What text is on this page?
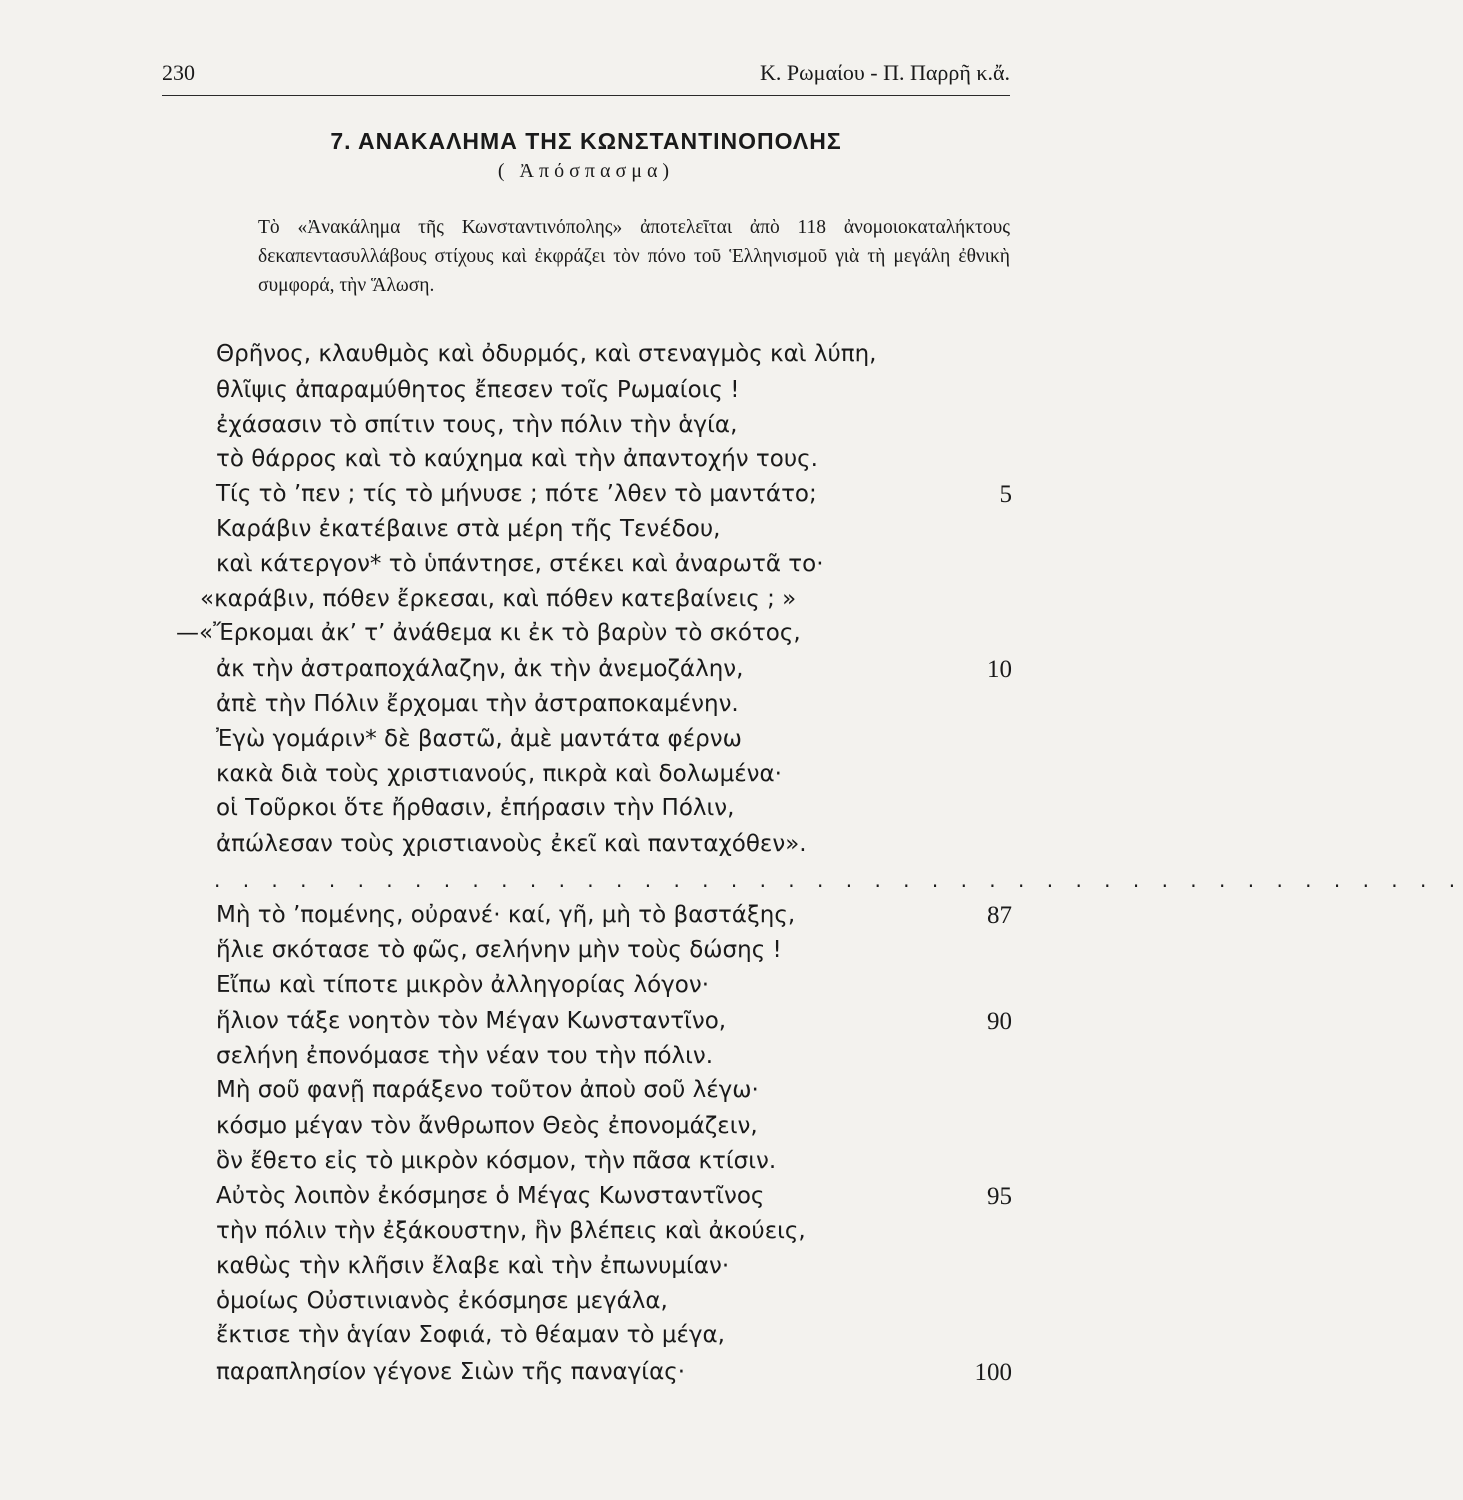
230	Κ. Ρωμαίου - Π. Παρρῆ κ.ἄ.
7. ΑΝΑΚΑΛΗΜΑ ΤΗΣ ΚΩΝΣΤΑΝΤΙΝΟΠΟΛΗΣ
( Ἀπόσπασμα)

Τὸ «Ἀνακάλημα τῆς Κωνσταντινόπολης» ἀποτελεῖται ἀπὸ 118 ἀνομοιοκαταλήκτους δεκαπεντασυλλάβους στίχους καὶ ἐκφράζει τὸν πόνο τοῦ Ἑλληνισμοῦ γιὰ τὴ μεγάλη ἐθνικὴ συμφορά, τὴν Ἅλωση.

Θρῆνος, κλαυθμὸς καὶ ὀδυρμός, καὶ στεναγμὸς καὶ λύπη,
θλῖψις ἀπαραμύθητος ἔπεσεν τοῖς Ρωμαίοις !
ἐχάσασιν τὸ σπίτιν τους, τὴν πόλιν τὴν ἁγία,
τὸ θάρρος καὶ τὸ καύχημα καὶ τὴν ἀπαντοχήν τους.
Τίς τὸ ’πεν ; τίς τὸ μήνυσε ; πότε ’λθεν τὸ μαντάτο;	5
Καράβιν ἐκατέβαινε στὰ μέρη τῆς Τενέδου,
καὶ κάτεργον* τὸ ὑπάντησε, στέκει καὶ ἀναρωτᾶ το·
«καράβιν, πόθεν ἔρκεσαι, καὶ πόθεν κατεβαίνεις ; »
—«Ἔρκομαι ἀκ’ τ’ ἀνάθεμα κι ἐκ τὸ βαρὺν τὸ σκότος,
ἀκ τὴν ἀστραποχάλαζην, ἀκ τὴν ἀνεμοζάλην,	10
ἀπὲ τὴν Πόλιν ἔρχομαι τὴν ἀστραποκαμένην.
Ἐγὼ γομάριν* δὲ βαστῶ, ἀμὲ μαντάτα φέρνω
κακὰ διὰ τοὺς χριστιανούς, πικρὰ καὶ δολωμένα·
οἱ Τοῦρκοι ὅτε ἤρθασιν, ἐπήρασιν τὴν Πόλιν,
ἀπώλεσαν τοὺς χριστιανοὺς ἐκεῖ καὶ πανταχόθεν».
Μὴ τὸ ’πομένης, οὐρανέ· καί, γῆ, μὴ τὸ βαστάξης,	87
ἥλιε σκότασε τὸ φῶς, σελήνην μὴν τοὺς δώσης !
Εἴπω καὶ τίποτε μικρὸν ἀλληγορίας λόγον·
ἥλιον τάξε νοητὸν τὸν Μέγαν Κωνσταντῖνο,	90
σελήνη ἐπονόμασε τὴν νέαν του τὴν πόλιν.
Μὴ σοῦ φανῇ παράξενο τοῦτον ἀποὺ σοῦ λέγω·
κόσμο μέγαν τὸν ἄνθρωπον Θεὸς ἐπονομάζειν,
ὃν ἔθετο εἰς τὸ μικρὸν κόσμον, τὴν πᾶσα κτίσιν.
Αὐτὸς λοιπὸν ἐκόσμησε ὁ Μέγας Κωνσταντῖνος	95
τὴν πόλιν τὴν ἐξάκουστην, ἣν βλέπεις καὶ ἀκούεις,
καθὼς τὴν κλῆσιν ἔλαβε καὶ τὴν ἐπωνυμίαν·
ὁμοίως Οὐστινιανὸς ἐκόσμησε μεγάλα,
ἔκτισε τὴν ἁγίαν Σοφιά, τὸ θέαμαν τὸ μέγα,
παραπλησίον γέγονε Σιὼν τῆς παναγίας·	100
. . . . . . . . . . . . . . . . . . . . . . . . . . . . . . . . . . . . . . . . . . . .
